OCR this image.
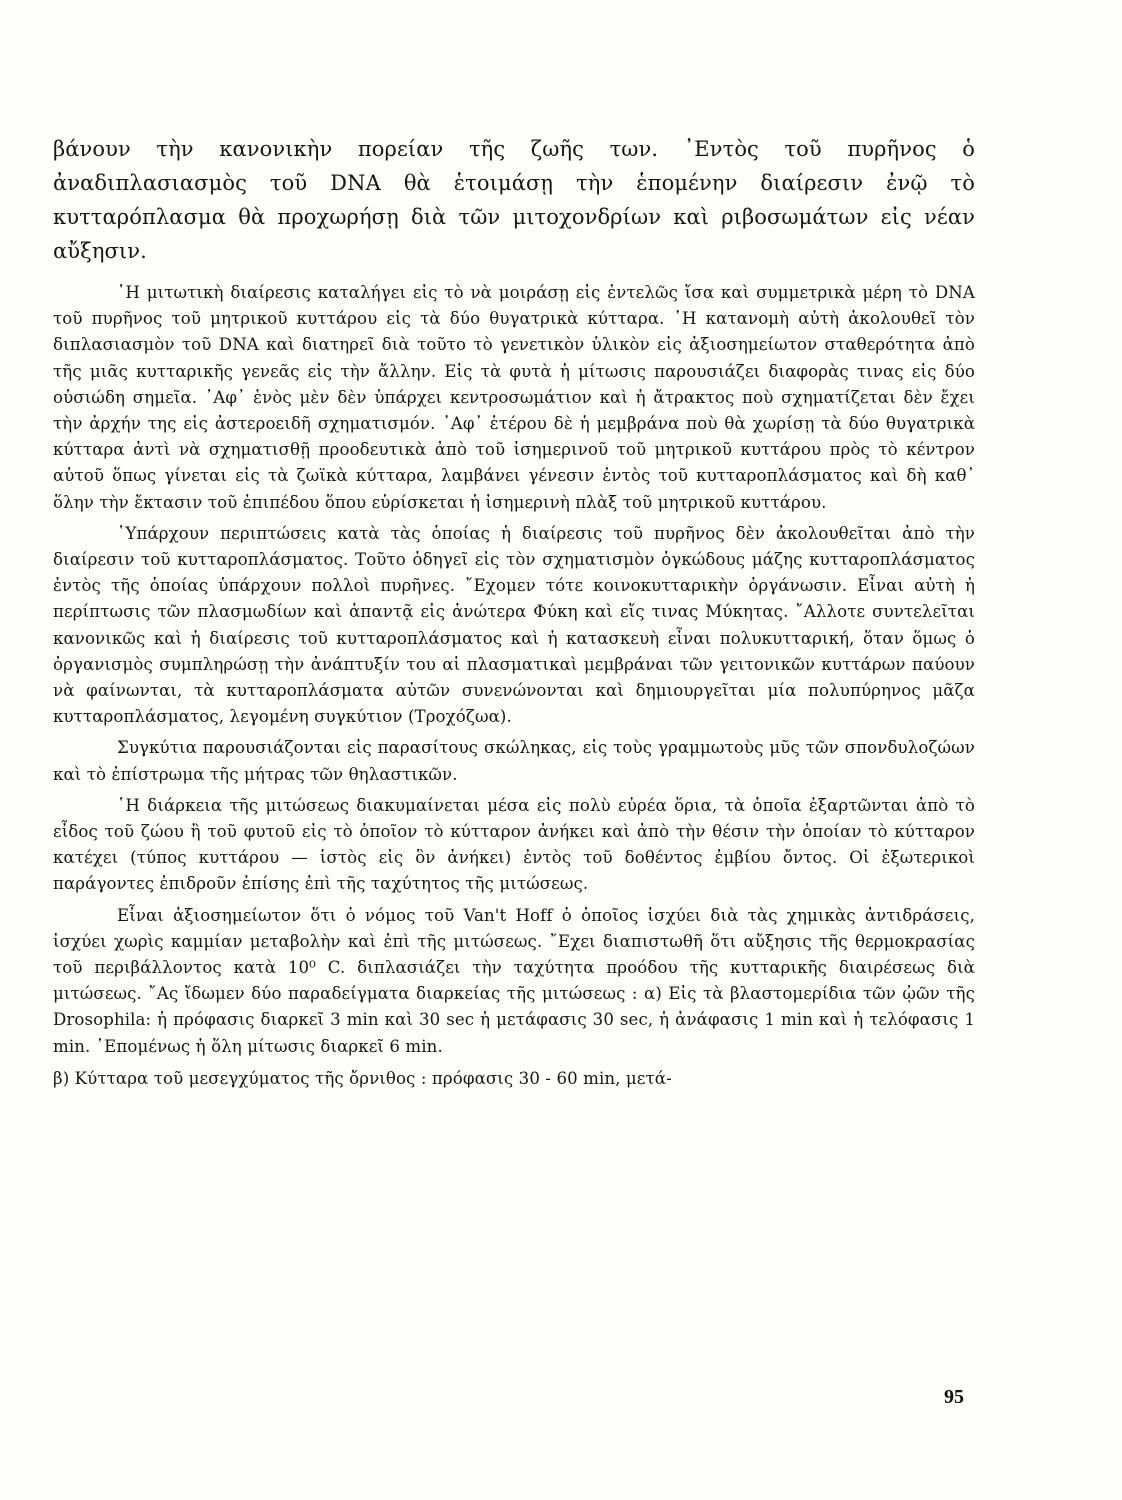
βάνουν τὴν κανονικὴν πορείαν τῆς ζωῆς των. ᾿Εντὸς τοῦ πυρῆνος ὁ ἀναδιπλασιασμὸς τοῦ DNA θὰ ἑτοιμάσῃ τὴν ἑπομένην διαίρεσιν ἐνῷ τὸ κυτταρόπλασμα θὰ προχωρήσῃ διὰ τῶν μιτοχονδρίων καὶ ριβοσωμάτων εἰς νέαν αὔξησιν.

῾Η μιτωτικὴ διαίρεσις καταλήγει εἰς τὸ νὰ μοιράσῃ εἰς ἐντελῶς ἴσα καὶ συμμετρικὰ μέρη τὸ DNA τοῦ πυρῆνος τοῦ μητρικοῦ κυττάρου εἰς τὰ δύο θυγατρικὰ κύτταρα. ῾Η κατανομὴ αὐτὴ ἀκολουθεῖ τὸν διπλασιασμὸν τοῦ DNA καὶ διατηρεῖ διὰ τοῦτο τὸ γενετικὸν ὑλικὸν εἰς ἀξιοσημείωτον σταθερότητα ἀπὸ τῆς μιᾶς κυτταρικῆς γενεᾶς εἰς τὴν ἄλλην. Εἰς τὰ φυτὰ ἡ μίτωσις παρουσιάζει διαφορὰς τινας εἰς δύο οὐσιώδη σημεῖα. ᾿Αφ᾿ ἑνὸς μὲν δὲν ὑπάρχει κεντροσωμάτιον καὶ ἡ ἄτρακτος ποὺ σχηματίζεται δὲν ἔχει τὴν ἀρχήν της εἰς ἀστεροειδῆ σχηματισμόν. ᾿Αφ᾿ ἑτέρου δὲ ἡ μεμβράνα ποὺ θὰ χωρίσῃ τὰ δύο θυγατρικὰ κύτταρα ἀντὶ νὰ σχηματισθῇ προοδευτικὰ ἀπὸ τοῦ ἰσημερινοῦ τοῦ μητρικοῦ κυττάρου πρὸς τὸ κέντρον αὐτοῦ ὅπως γίνεται εἰς τὰ ζωϊκὰ κύτταρα, λαμβάνει γένεσιν ἐντὸς τοῦ κυτταροπλάσματος καὶ δὴ καθ᾿ ὅλην τὴν ἔκτασιν τοῦ ἐπιπέδου ὅπου εὑρίσκεται ἡ ἰσημερινὴ πλὰξ τοῦ μητρικοῦ κυττάρου.

῾Υπάρχουν περιπτώσεις κατὰ τὰς ὁποίας ἡ διαίρεσις τοῦ πυρῆνος δὲν ἀκολουθεῖται ἀπὸ τὴν διαίρεσιν τοῦ κυτταροπλάσματος. Τοῦτο ὁδηγεῖ εἰς τὸν σχηματισμὸν ὀγκώδους μάζης κυτταροπλάσματος ἐντὸς τῆς ὁποίας ὑπάρχουν πολλοὶ πυρῆνες. ῎Εχομεν τότε κοινοκυτταρικὴν ὀργάνωσιν. Εἶναι αὐτὴ ἡ περίπτωσις τῶν πλασμωδίων καὶ ἀπαντᾷ εἰς ἀνώτερα Φύκη καὶ εἴς τινας Μύκητας. ῎Αλλοτε συντελεῖται κανονικῶς καὶ ἡ διαίρεσις τοῦ κυτταροπλάσματος καὶ ἡ κατασκευὴ εἶναι πολυκυτταρική, ὅταν ὅμως ὁ ὀργανισμὸς συμπληρώσῃ τὴν ἀνάπτυξίν του αἱ πλασματικαὶ μεμβράναι τῶν γειτονικῶν κυττάρων παύουν νὰ φαίνωνται, τὰ κυτταροπλάσματα αὐτῶν συνενώνονται καὶ δημιουργεῖται μία πολυπύρηνος μᾶζα κυτταροπλάσματος, λεγομένη συγκύτιον (Τροχόζωα).

Συγκύτια παρουσιάζονται εἰς παρασίτους σκώληκας, εἰς τοὺς γραμμωτοὺς μῦς τῶν σπονδυλοζώων καὶ τὸ ἐπίστρωμα τῆς μήτρας τῶν θηλαστικῶν.

῾Η διάρκεια τῆς μιτώσεως διακυμαίνεται μέσα εἰς πολὺ εὐρέα ὅρια, τὰ ὁποῖα ἐξαρτῶνται ἀπὸ τὸ εἶδος τοῦ ζώου ἢ τοῦ φυτοῦ εἰς τὸ ὁποῖον τὸ κύτταρον ἀνήκει καὶ ἀπὸ τὴν θέσιν τὴν ὁποίαν τὸ κύτταρον κατέχει (τύπος κυττάρου — ἱστὸς εἰς ὃν ἀνήκει) ἐντὸς τοῦ δοθέντος ἐμβίου ὄντος. Οἱ ἐξωτερικοὶ παράγοντες ἐπιδροῦν ἐπίσης ἐπὶ τῆς ταχύτητος τῆς μιτώσεως.

Εἶναι ἀξιοσημείωτον ὅτι ὁ νόμος τοῦ Van't Hoff ὁ ὁποῖος ἰσχύει διὰ τὰς χημικὰς ἀντιδράσεις, ἰσχύει χωρὶς καμμίαν μεταβολὴν καὶ ἐπὶ τῆς μιτώσεως. ῎Εχει διαπιστωθῆ ὅτι αὔξησις τῆς θερμοκρασίας τοῦ περιβάλλοντος κατὰ 10⁰ C. διπλασιάζει τὴν ταχύτητα προόδου τῆς κυτταρικῆς διαιρέσεως διὰ μιτώσεως. ῎Ας ἴδωμεν δύο παραδείγματα διαρκείας τῆς μιτώσεως : α) Εἰς τὰ βλαστομερίδια τῶν ᾠῶν τῆς Drosophila: ἡ πρόφασις διαρκεῖ 3 min καὶ 30 sec ἡ μετάφασις 30 sec, ἡ ἀνάφασις 1 min καὶ ἡ τελόφασις 1 min. ῾Επομένως ἡ ὅλη μίτωσις διαρκεῖ 6 min.

β) Κύτταρα τοῦ μεσεγχύματος τῆς ὄρνιθος : πρόφασις 30 - 60 min, μετά-

95
